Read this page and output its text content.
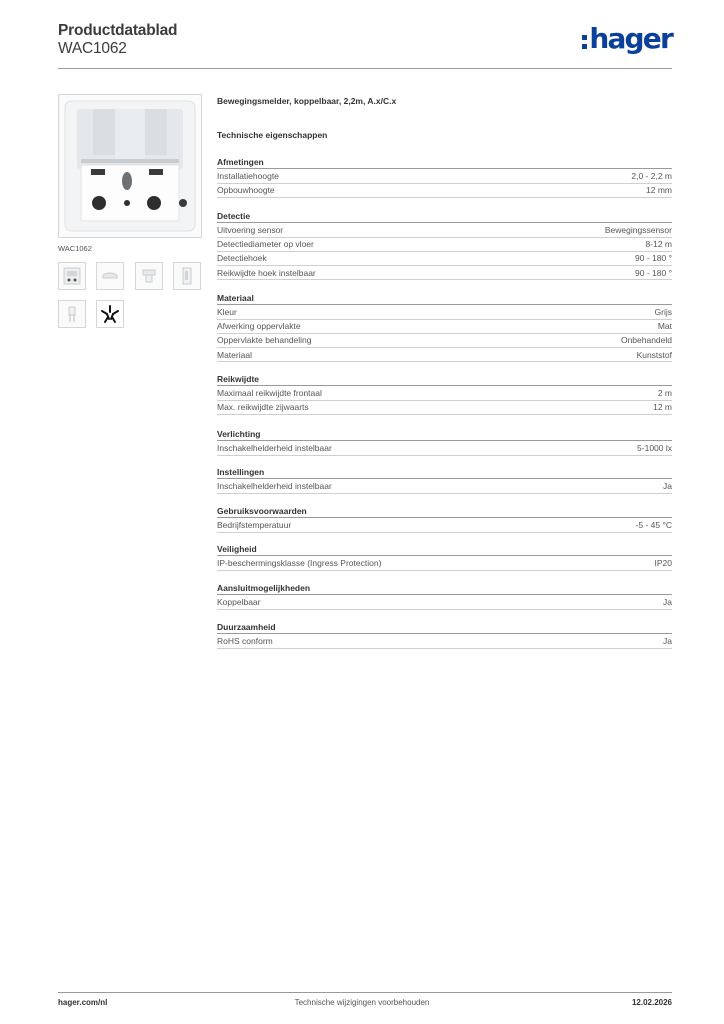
Productdatablad
WAC1062	hager
WAC1062
Bewegingsmelder, koppelbaar, 2,2m, A.x/C.x
Technische eigenschappen
Afmetingen
Installatiehoogte	2,0 - 2,2 m
Opbouwhoogte	12 mm
Detectie
Uitvoering sensor	Bewegingssensor
Detectiediameter op vloer	8-12 m
Detectiehoek	90 - 180 °
Reikwijdte hoek instelbaar	90 - 180 °
Materiaal
Kleur	Grijs
Afwerking oppervlakte	Mat
Oppervlakte behandeling	Onbehandeld
Materiaal	Kunststof
Reikwijdte
Maximaal reikwijdte frontaal	2 m
Max. reikwijdte zijwaarts	12 m
Verlichting
Inschakelhelderheid instelbaar	5-1000 lx
Instellingen
Inschakelhelderheid instelbaar	Ja
Gebruiksvoorwaarden
Bedrijfstemperatuur	-5 - 45 °C
Veiligheid
IP-beschermingsklasse (Ingress Protection)	IP20
Aansluitmogelijkheden
Koppelbaar	Ja
Duurzaamheid
RoHS conform	Ja
hager.com/nl	Technische wijzigingen voorbehouden	12.02.2026
